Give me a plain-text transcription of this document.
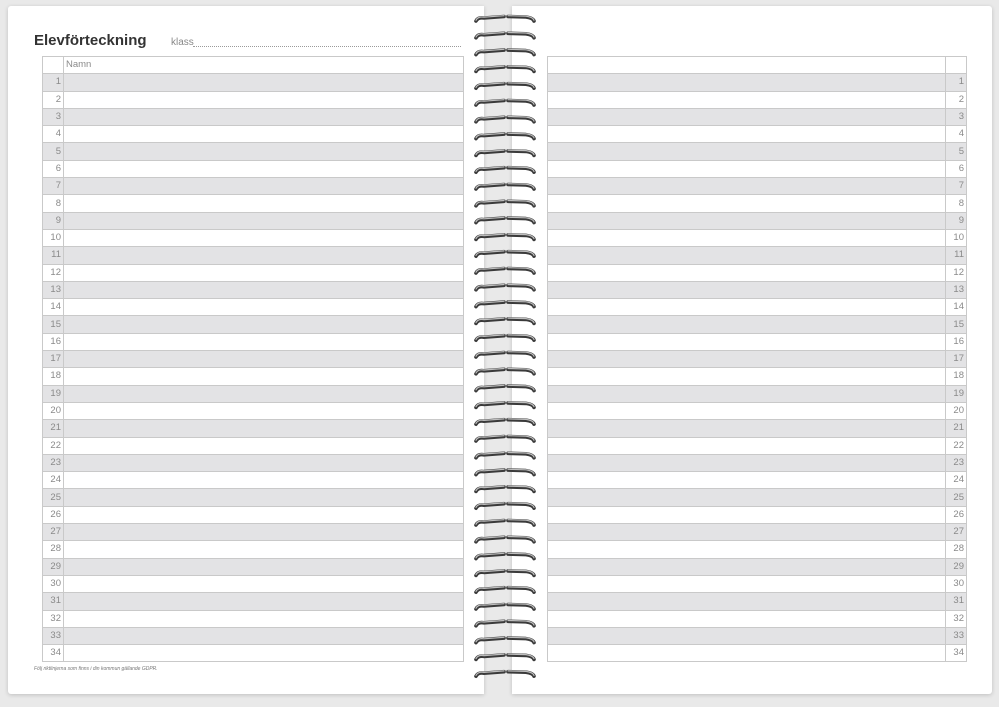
Elevförteckning klass
	Namn
1	
2	
3	
4	
5	
6	
7	
8	
9	
10	
11	
12	
13	
14	
15	
16	
17	
18	
19	
20	
21	
22	
23	
24	
25	
26	
27	
28	
29	
30	
31	
32	
33	
34	

	1
	2
	3
	4
	5
	6
	7
	8
	9
	10
	11
	12
	13
	14
	15
	16
	17
	18
	19
	20
	21
	22
	23
	24
	25
	26
	27
	28
	29
	30
	31
	32
	33
	34
Följ riktlinjerna som finns i din kommun gällande GDPR.
